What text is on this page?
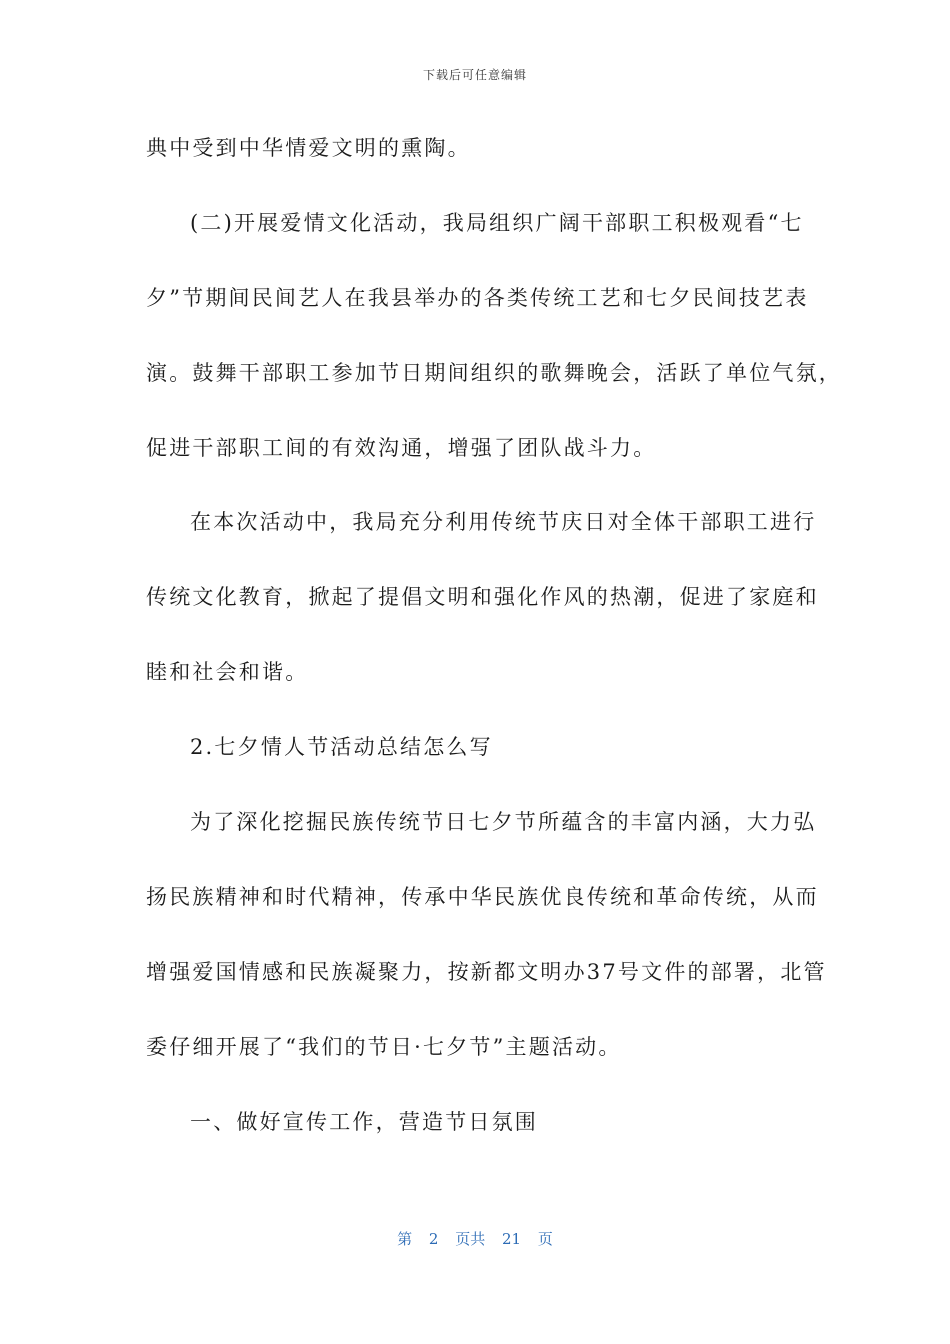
下载后可任意编辑
典中受到中华情爱文明的熏陶。
(二)开展爱情文化活动，我局组织广阔干部职工积极观看“七
夕”节期间民间艺人在我县举办的各类传统工艺和七夕民间技艺表
演。鼓舞干部职工参加节日期间组织的歌舞晚会，活跃了单位气氛，
促进干部职工间的有效沟通，增强了团队战斗力。
在本次活动中，我局充分利用传统节庆日对全体干部职工进行
传统文化教育，掀起了提倡文明和强化作风的热潮，促进了家庭和
睦和社会和谐。
2.七夕情人节活动总结怎么写
为了深化挖掘民族传统节日七夕节所蕴含的丰富内涵，大力弘
扬民族精神和时代精神，传承中华民族优良传统和革命传统，从而
增强爱国情感和民族凝聚力，按新都文明办37号文件的部署，北管
委仔细开展了“我们的节日·七夕节”主题活动。
一、做好宣传工作，营造节日氛围
第 2 页共 21 页
